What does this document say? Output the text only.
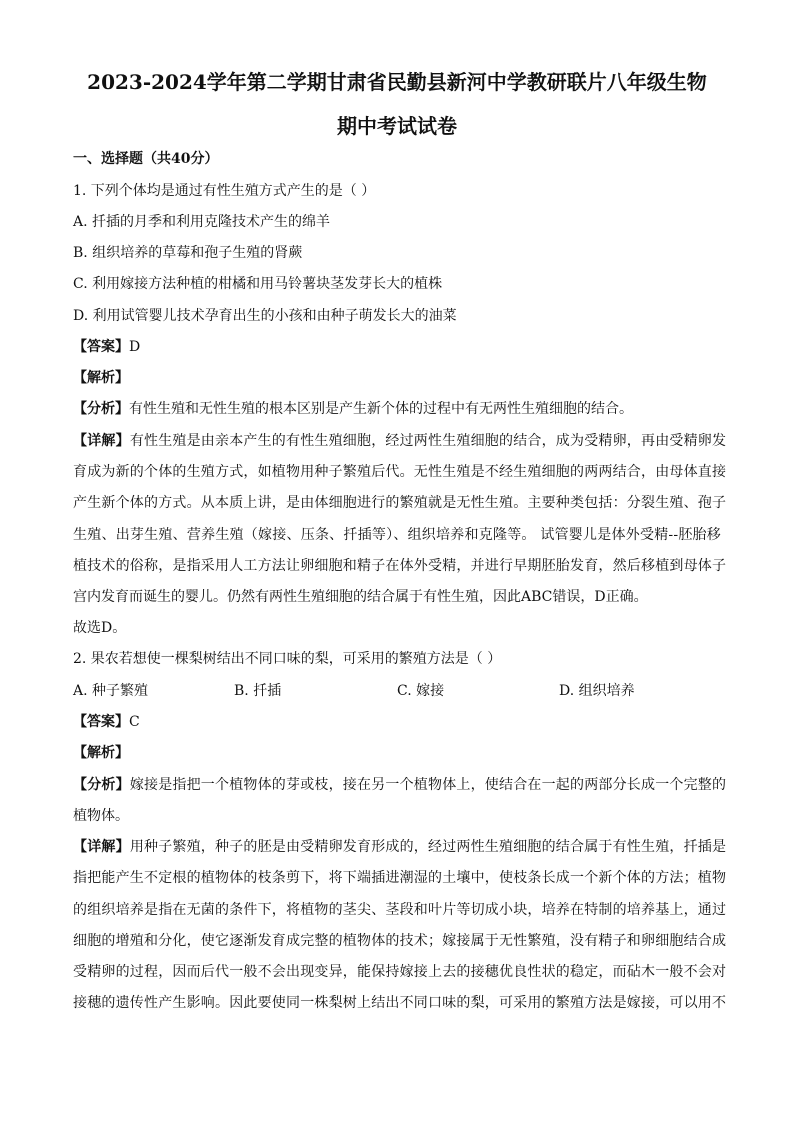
2023-2024学年第二学期甘肃省民勤县新河中学教研联片八年级生物
期中考试试卷
一、选择题（共40分）
1. 下列个体均是通过有性生殖方式产生的是（ ）
A. 扦插的月季和利用克隆技术产生的绵羊
B. 组织培养的草莓和孢子生殖的肾蕨
C. 利用嫁接方法种植的柑橘和用马铃薯块茎发芽长大的植株
D. 利用试管婴儿技术孕育出生的小孩和由种子萌发长大的油菜
【答案】D
【解析】
【分析】有性生殖和无性生殖的根本区别是产生新个体的过程中有无两性生殖细胞的结合。
【详解】有性生殖是由亲本产生的有性生殖细胞，经过两性生殖细胞的结合，成为受精卵，再由受精卵发
育成为新的个体的生殖方式，如植物用种子繁殖后代。无性生殖是不经生殖细胞的两两结合，由母体直接
产生新个体的方式。从本质上讲，是由体细胞进行的繁殖就是无性生殖。主要种类包括：分裂生殖、孢子
生殖、出芽生殖、营养生殖（嫁接、压条、扦插等）、组织培养和克隆等。 试管婴儿是体外受精--胚胎移
植技术的俗称，是指采用人工方法让卵细胞和精子在体外受精，并进行早期胚胎发育，然后移植到母体子
宫内发育而诞生的婴儿。仍然有两性生殖细胞的结合属于有性生殖，因此ABC错误，D正确。
故选D。
2. 果农若想使一棵梨树结出不同口味的梨，可采用的繁殖方法是（ ）
A. 种子繁殖	B. 扦插	C. 嫁接	D. 组织培养
【答案】C
【解析】
【分析】嫁接是指把一个植物体的芽或枝，接在另一个植物体上，使结合在一起的两部分长成一个完整的
植物体。
【详解】用种子繁殖，种子的胚是由受精卵发育形成的，经过两性生殖细胞的结合属于有性生殖，扦插是
指把能产生不定根的植物体的枝条剪下，将下端插进潮湿的土壤中，使枝条长成一个新个体的方法；植物
的组织培养是指在无菌的条件下，将植物的茎尖、茎段和叶片等切成小块，培养在特制的培养基上，通过
细胞的增殖和分化，使它逐渐发育成完整的植物体的技术；嫁接属于无性繁殖，没有精子和卵细胞结合成
受精卵的过程，因而后代一般不会出现变异，能保持嫁接上去的接穗优良性状的稳定，而砧木一般不会对
接穗的遗传性产生影响。因此要使同一株梨树上结出不同口味的梨，可采用的繁殖方法是嫁接，可以用不
